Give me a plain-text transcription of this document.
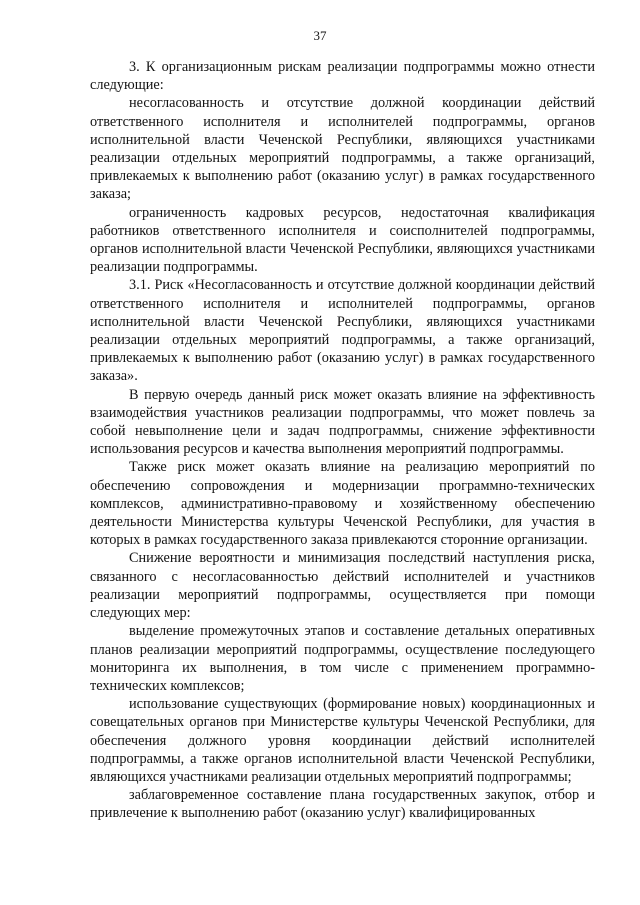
37

3. К организационным рискам реализации подпрограммы можно отнести следующие:

несогласованность и отсутствие должной координации действий ответственного исполнителя и исполнителей подпрограммы, органов исполнительной власти Чеченской Республики, являющихся участниками реализации отдельных мероприятий подпрограммы, а также организаций, привлекаемых к выполнению работ (оказанию услуг) в рамках государственного заказа;

ограниченность кадровых ресурсов, недостаточная квалификация работников ответственного исполнителя и соисполнителей подпрограммы, органов исполнительной власти Чеченской Республики, являющихся участниками реализации подпрограммы.

3.1. Риск «Несогласованность и отсутствие должной координации действий ответственного исполнителя и исполнителей подпрограммы, органов исполнительной власти Чеченской Республики, являющихся участниками реализации отдельных мероприятий подпрограммы, а также организаций, привлекаемых к выполнению работ (оказанию услуг) в рамках государственного заказа».

В первую очередь данный риск может оказать влияние на эффективность взаимодействия участников реализации подпрограммы, что может повлечь за собой невыполнение цели и задач подпрограммы, снижение эффективности использования ресурсов и качества выполнения мероприятий подпрограммы.

Также риск может оказать влияние на реализацию мероприятий по обеспечению сопровождения и модернизации программно-технических комплексов, административно-правовому и хозяйственному обеспечению деятельности Министерства культуры Чеченской Республики, для участия в которых в рамках государственного заказа привлекаются сторонние организации.

Снижение вероятности и минимизация последствий наступления риска, связанного с несогласованностью действий исполнителей и участников реализации мероприятий подпрограммы, осуществляется при помощи следующих мер:

выделение промежуточных этапов и составление детальных оперативных планов реализации мероприятий подпрограммы, осуществление последующего мониторинга их выполнения, в том числе с применением программно-технических комплексов;

использование существующих (формирование новых) координационных и совещательных органов при Министерстве культуры Чеченской Республики, для обеспечения должного уровня координации действий исполнителей подпрограммы, а также органов исполнительной власти Чеченской Республики, являющихся участниками реализации отдельных мероприятий подпрограммы;

заблаговременное составление плана государственных закупок, отбор и привлечение к выполнению работ (оказанию услуг) квалифицированных
